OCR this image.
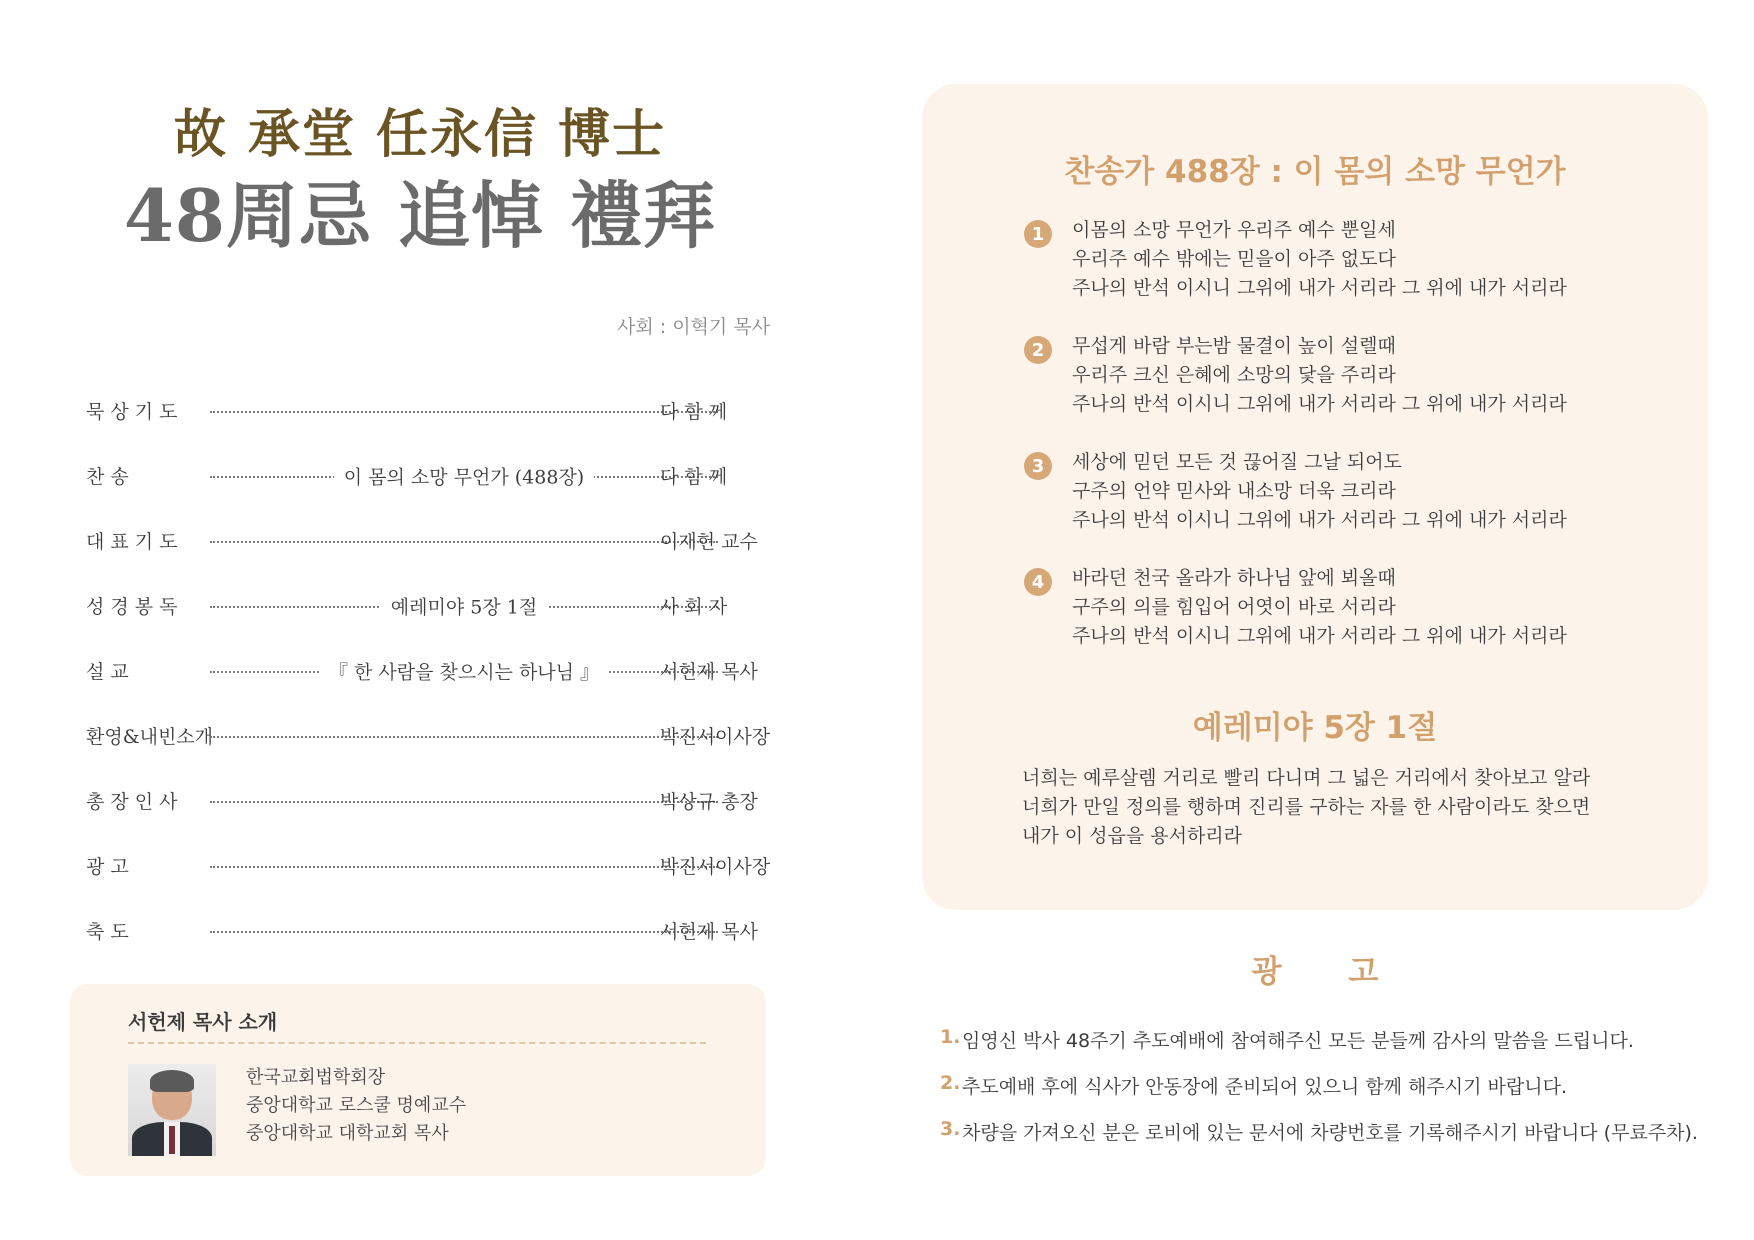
故 承堂 任永信 博士
48周忌 追悼 禮拜
사회 : 이혁기 목사
묵 상 기 도	다 함 께
찬 송	이 몸의 소망 무언가 (488장)	다 함 께
대 표 기 도	이재헌 교수
성 경 봉 독	예레미야 5장 1절	사 회 자
설 교	『 한 사람을 찾으시는 하나님 』	서헌제 목사
환영&내빈소개	박진서이사장
총 장 인 사	박상규 총장
광 고	박진서이사장
축 도	서헌제 목사
서헌제 목사 소개
한국교회법학회장
중앙대학교 로스쿨 명예교수
중앙대학교 대학교회 목사
찬송가 488장 : 이 몸의 소망 무언가
1	이몸의 소망 무언가 우리주 예수 뿐일세
우리주 예수 밖에는 믿을이 아주 없도다
주나의 반석 이시니 그위에 내가 서리라 그 위에 내가 서리라
2	무섭게 바람 부는밤 물결이 높이 설렐때
우리주 크신 은혜에 소망의 닻을 주리라
주나의 반석 이시니 그위에 내가 서리라 그 위에 내가 서리라
3	세상에 믿던 모든 것 끊어질 그날 되어도
구주의 언약 믿사와 내소망 더욱 크리라
주나의 반석 이시니 그위에 내가 서리라 그 위에 내가 서리라
4	바라던 천국 올라가 하나님 앞에 뵈올때
구주의 의를 힘입어 어엿이 바로 서리라
주나의 반석 이시니 그위에 내가 서리라 그 위에 내가 서리라
예레미야 5장 1절
너희는 예루살렘 거리로 빨리 다니며 그 넓은 거리에서 찾아보고 알라
너희가 만일 정의를 행하며 진리를 구하는 자를 한 사람이라도 찾으면
내가 이 성읍을 용서하리라
광 고
1. 임영신 박사 48주기 추도예배에 참여해주신 모든 분들께 감사의 말씀을 드립니다.
2. 추도예배 후에 식사가 안동장에 준비되어 있으니 함께 해주시기 바랍니다.
3. 차량을 가져오신 분은 로비에 있는 문서에 차량번호를 기록해주시기 바랍니다 (무료주차).
